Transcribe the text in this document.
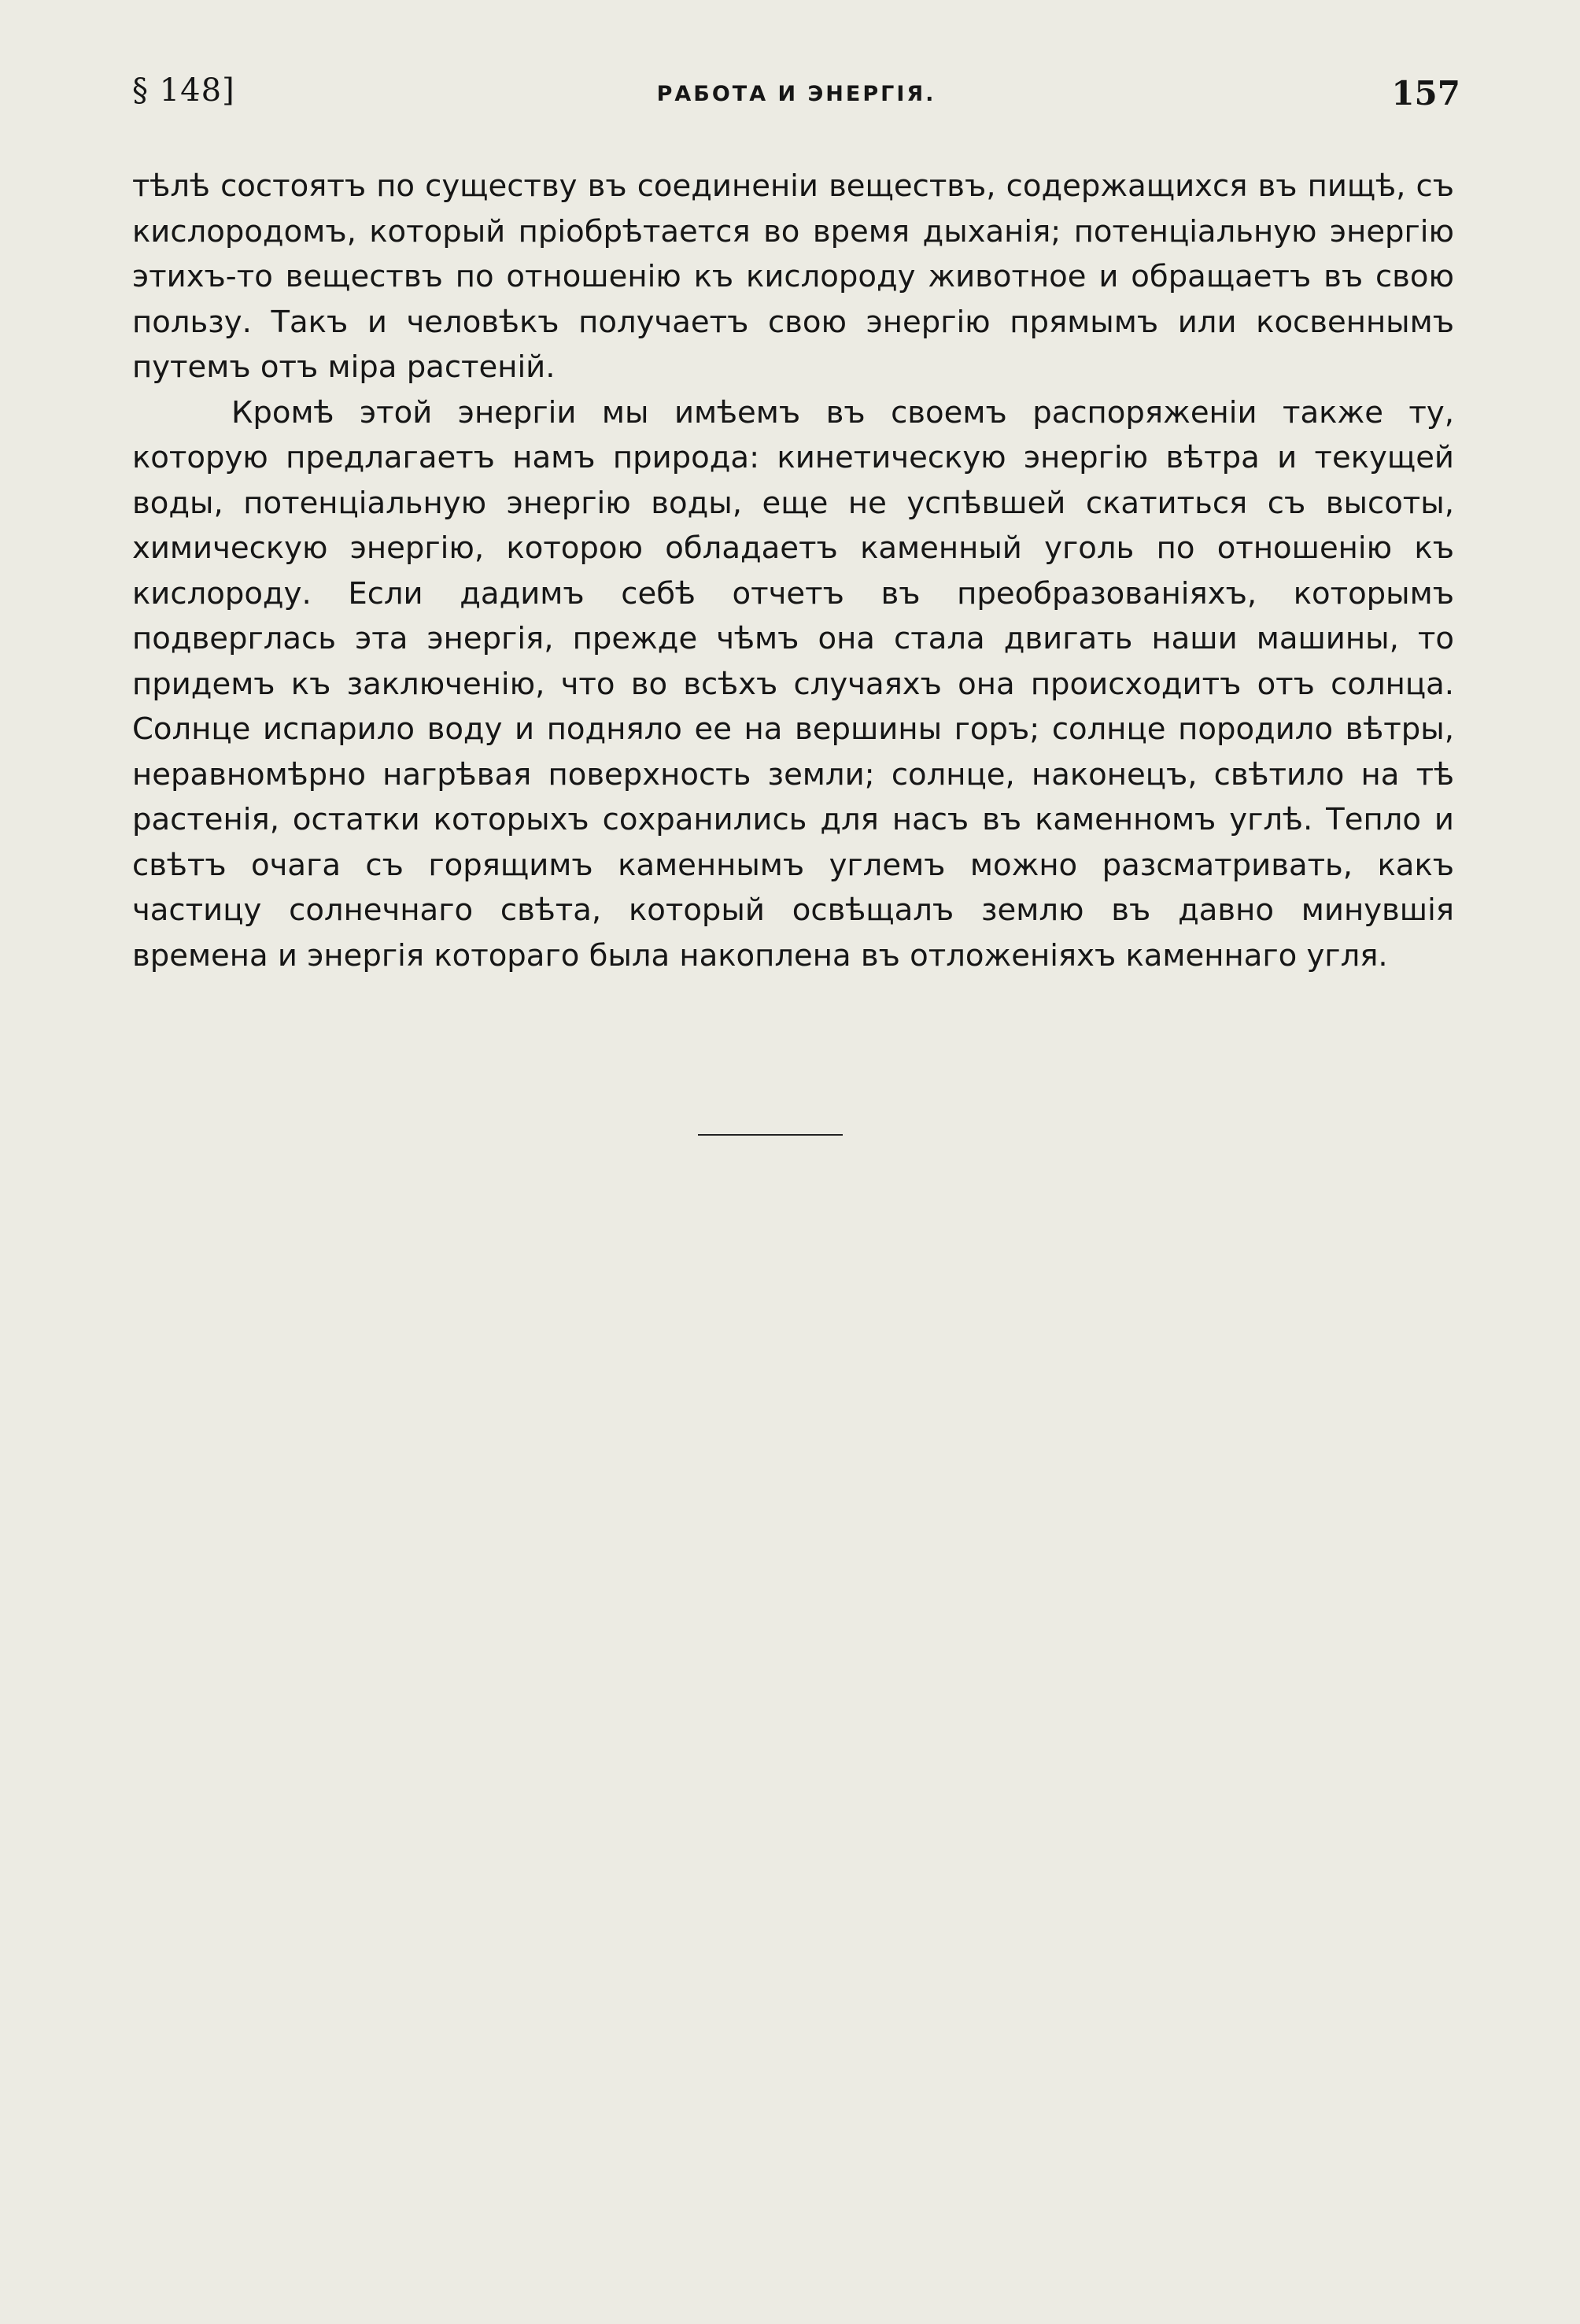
§ 148]	РАБОТА И ЭНЕРГІЯ.	157

тѣлѣ состоятъ по существу въ соединеніи веществъ, содержащихся въ пищѣ, съ кислородомъ, который пріобрѣтается во время дыханія; потенціальную энергію этихъ-то веществъ по отношенію къ кислороду животное и обращаетъ въ свою пользу. Такъ и человѣкъ получаетъ свою энергію прямымъ или косвеннымъ путемъ отъ міра растеній.

Кромѣ этой энергіи мы имѣемъ въ своемъ распоряженіи также ту, которую предлагаетъ намъ природа: кинетическую энергію вѣтра и текущей воды, потенціальную энергію воды, еще не успѣвшей скатиться съ высоты, химическую энергію, которою обладаетъ каменный уголь по отношенію къ кислороду. Если дадимъ себѣ отчетъ въ преобразованіяхъ, которымъ подверглась эта энергія, прежде чѣмъ она стала двигать наши машины, то придемъ къ заключенію, что во всѣхъ случаяхъ она происходитъ отъ солнца. Солнце испарило воду и подняло ее на вершины горъ; солнце породило вѣтры, неравномѣрно нагрѣвая поверхность земли; солнце, наконецъ, свѣтило на тѣ растенія, остатки которыхъ сохранились для насъ въ каменномъ углѣ. Тепло и свѣтъ очага съ горящимъ каменнымъ углемъ можно разсматривать, какъ частицу солнечнаго свѣта, который освѣщалъ землю въ давно минувшія времена и энергія котораго была накоплена въ отложеніяхъ каменнаго угля.
